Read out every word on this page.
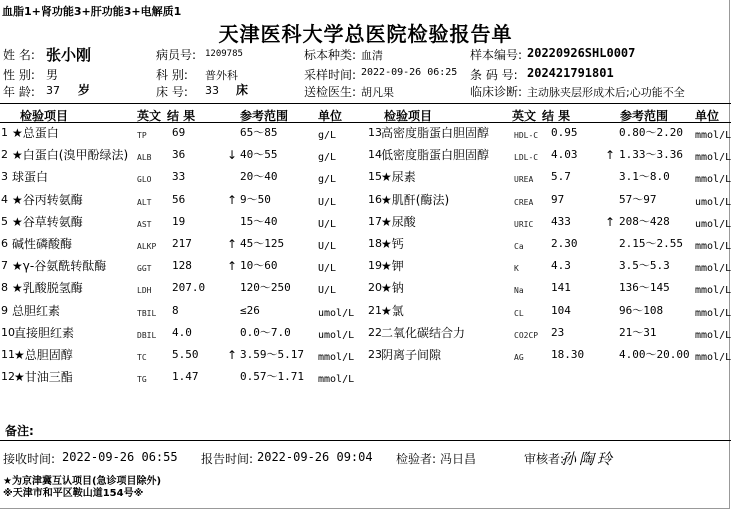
血脂1+肾功能3+肝功能3+电解质1
天津医科大学总医院检验报告单
姓 名: 张小刚
性 别: 男
年 龄: 37 岁
病员号: 1209785
科 别: 普外科
床 号: 33 床
标本种类: 血清
采样时间: 2022-09-26 06:25
送检医生: 胡凡果
样本编号: 20220926SHL0007
条 码 号: 202421791801
临床诊断: 主动脉夹层形成术后;心功能不全
检验项目	英文 结 果	参考范围 单位	检验项目	英文 结 果	参考范围 单位
1 ★总蛋白	TP 69	65～85	g/L
2 ★白蛋白(溴甲酚绿法) ALB 36	↓ 40～55	g/L
3 球蛋白	GLO 33	20～40	g/L
4 ★谷丙转氨酶	ALT 56	↑ 9～50	U/L
5 ★谷草转氨酶	AST 19	15～40	U/L
6 碱性磷酸酶	ALKP 217	↑ 45～125	U/L
7 ★γ-谷氨酰转酞酶	GGT 128	↑ 10～60	U/L
8 ★乳酸脱氢酶	LDH 207.0	120～250	U/L
9 总胆红素	TBIL 8	≤26	umol/L
10 直接胆红素	DBIL 4.0	0.0～7.0	umol/L
11 ★总胆固醇	TC 5.50 ↑ 3.59～5.17 mmol/L
12 ★甘油三酯	TG 1.47	0.57～1.71 mmol/L
13 高密度脂蛋白胆固醇	HDL-C 0.95	0.80～2.20 mmol/L
14 低密度脂蛋白胆固醇	LDL-C 4.03 ↑ 1.33～3.36 mmol/L
15 ★尿素	UREA 5.7	3.1～8.0	mmol/L
16 ★肌酐(酶法)	CREA 97	57～97	umol/L
17 ★尿酸	URIC 433	↑ 208～428	umol/L
18 ★钙	Ca 2.30	2.15～2.55 mmol/L
19 ★钾	K	4.3	3.5～5.3	mmol/L
20 ★钠	Na 141	136～145	mmol/L
21 ★氯	CL 104	96～108	mmol/L
22 二氧化碳结合力	CO2CP 23	21～31	mmol/L
23 阴离子间隙	AG 18.30	4.00～20.00 mmol/L
备注:
接收时间: 2022-09-26 06:55 报告时间: 2022-09-26 09:04 检验者: 冯日昌	审核者:
孙陶玲
★为京津冀互认项目(急诊项目除外)
※天津市和平区鞍山道154号※
